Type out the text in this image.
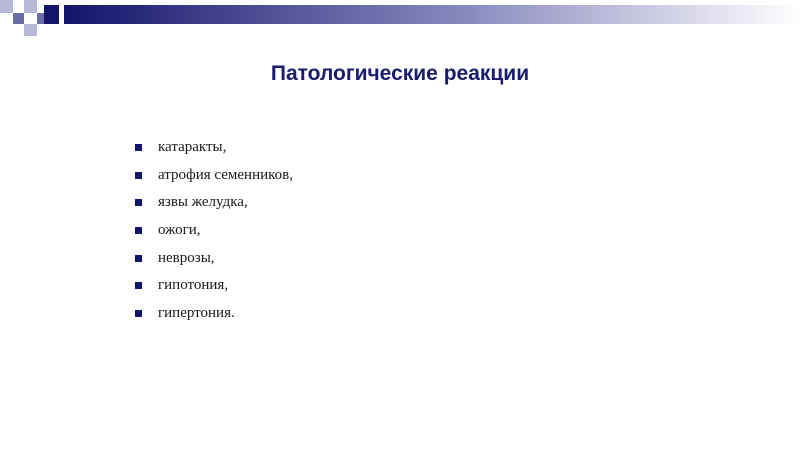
Патологические реакции
катаракты,
атрофия семенников,
язвы желудка,
ожоги,
неврозы,
гипотония,
гипертония.
